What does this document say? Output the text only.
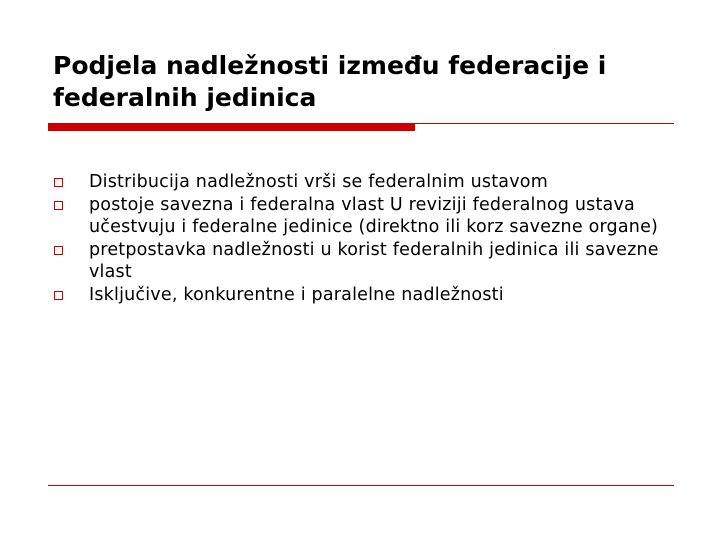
Podjela nadležnosti između federacije i federalnih jedinica
Distribucija nadležnosti vrši se federalnim ustavom
postoje savezna i federalna vlast U reviziji federalnog ustava učestvuju i federalne jedinice (direktno ili korz savezne organe)
pretpostavka nadležnosti u korist federalnih jedinica ili savezne vlast
Isključive, konkurentne i paralelne nadležnosti
